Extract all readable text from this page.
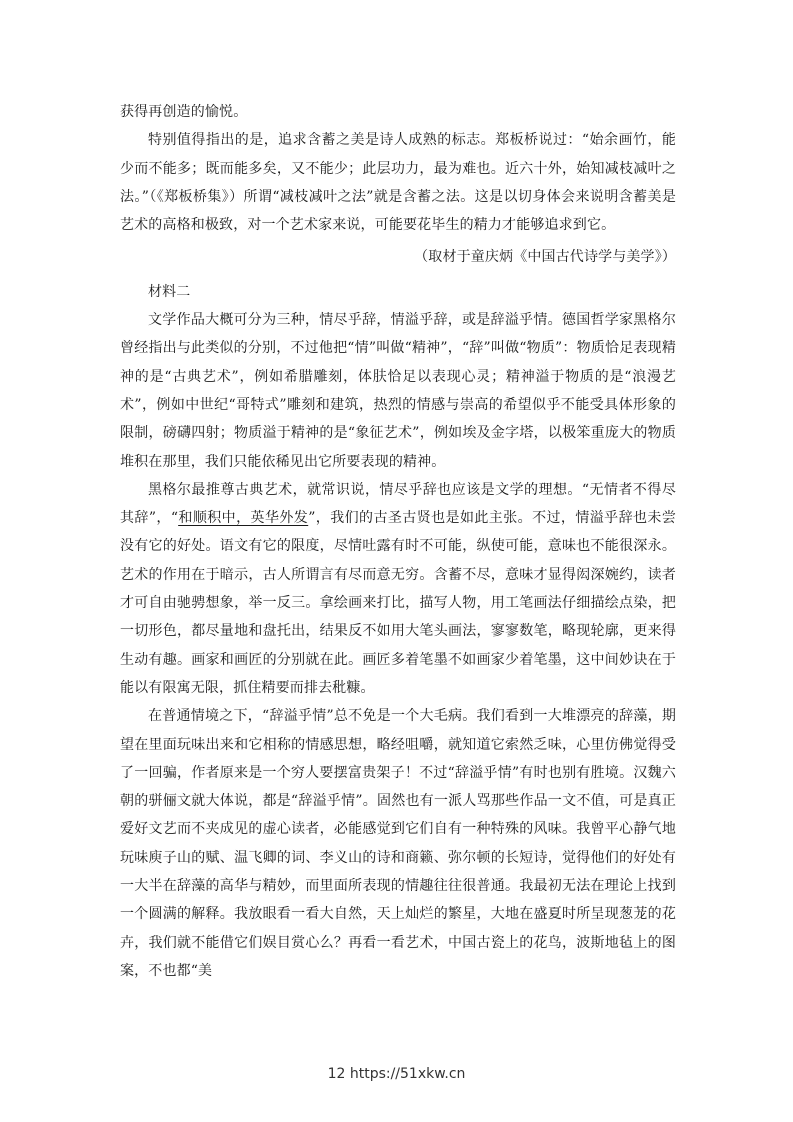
获得再创造的愉悦。

特别值得指出的是，追求含蓄之美是诗人成熟的标志。郑板桥说过：“始余画竹，能少而不能多；既而能多矣，又不能少；此层功力，最为难也。近六十外，始知减枝减叶之法。”（《郑板桥集》）所谓“减枝减叶之法”就是含蓄之法。这是以切身体会来说明含蓄美是艺术的高格和极致，对一个艺术家来说，可能要花毕生的精力才能够追求到它。

（取材于童庆炳《中国古代诗学与美学》）

材料二

文学作品大概可分为三种，情尽乎辞，情溢乎辞，或是辞溢乎情。德国哲学家黑格尔曾经指出与此类似的分别，不过他把“情”叫做“精神”，“辞”叫做“物质”：物质恰足表现精神的是“古典艺术”，例如希腊雕刻，体肤恰足以表现心灵；精神溢于物质的是“浪漫艺术”，例如中世纪“哥特式”雕刻和建筑，热烈的情感与崇高的希望似乎不能受具体形象的限制，磅礴四射；物质溢于精神的是“象征艺术”，例如埃及金字塔，以极笨重庞大的物质堆积在那里，我们只能依稀见出它所要表现的精神。

黑格尔最推尊古典艺术，就常识说，情尽乎辞也应该是文学的理想。“无情者不得尽其辞”，“和顺积中，英华外发”，我们的古圣古贤也是如此主张。不过，情溢乎辞也未尝没有它的好处。语文有它的限度，尽情吐露有时不可能，纵使可能，意味也不能很深永。艺术的作用在于暗示，古人所谓言有尽而意无穷。含蓄不尽，意味才显得闳深婉约，读者才可自由驰骋想象，举一反三。拿绘画来打比，描写人物，用工笔画法仔细描绘点染，把一切形色，都尽量地和盘托出，结果反不如用大笔头画法，寥寥数笔，略现轮廓，更来得生动有趣。画家和画匠的分别就在此。画匠多着笔墨不如画家少着笔墨，这中间妙诀在于能以有限寓无限，抓住精要而排去秕糠。

在普通情境之下，“辞溢乎情”总不免是一个大毛病。我们看到一大堆漂亮的辞藻，期望在里面玩味出来和它相称的情感思想，略经咀嚼，就知道它索然乏味，心里仿佛觉得受了一回骗，作者原来是一个穷人要摆富贵架子！不过“辞溢乎情”有时也别有胜境。汉魏六朝的骈俪文就大体说，都是“辞溢乎情”。固然也有一派人骂那些作品一文不值，可是真正爱好文艺而不夹成见的虚心读者，必能感觉到它们自有一种特殊的风味。我曾平心静气地玩味庾子山的赋、温飞卿的词、李义山的诗和商籁、弥尔顿的长短诗，觉得他们的好处有一大半在辞藻的高华与精妙，而里面所表现的情趣往往很普通。我最初无法在理论上找到一个圆满的解释。我放眼看一看大自然，天上灿烂的繁星，大地在盛夏时所呈现葱茏的花卉，我们就不能借它们娱目赏心么？再看一看艺术，中国古瓷上的花鸟，波斯地毡上的图案，不也都“美

12 https://51xkw.cn
